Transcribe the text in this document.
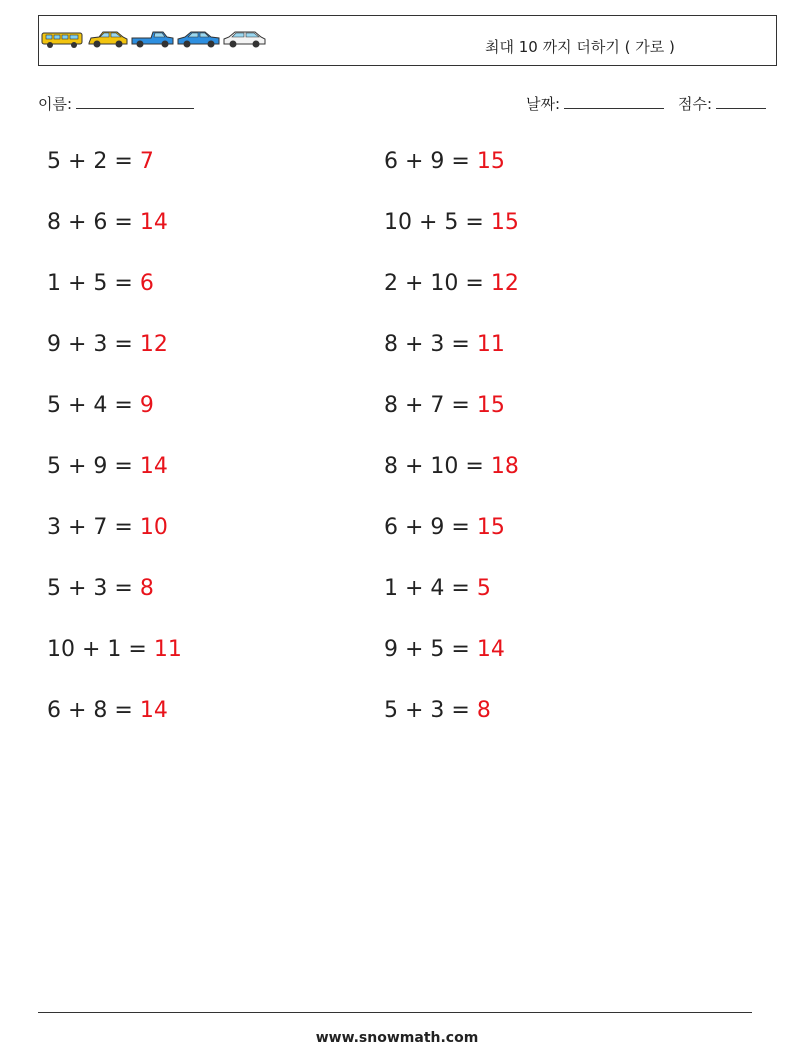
최대 10 까지 더하기 ( 가로 )
이름:	날짜:	점수:
5 + 2 = 7
8 + 6 = 14
1 + 5 = 6
9 + 3 = 12
5 + 4 = 9
5 + 9 = 14
3 + 7 = 10
5 + 3 = 8
10 + 1 = 11
6 + 8 = 14
6 + 9 = 15
10 + 5 = 15
2 + 10 = 12
8 + 3 = 11
8 + 7 = 15
8 + 10 = 18
6 + 9 = 15
1 + 4 = 5
9 + 5 = 14
5 + 3 = 8
www.snowmath.com
